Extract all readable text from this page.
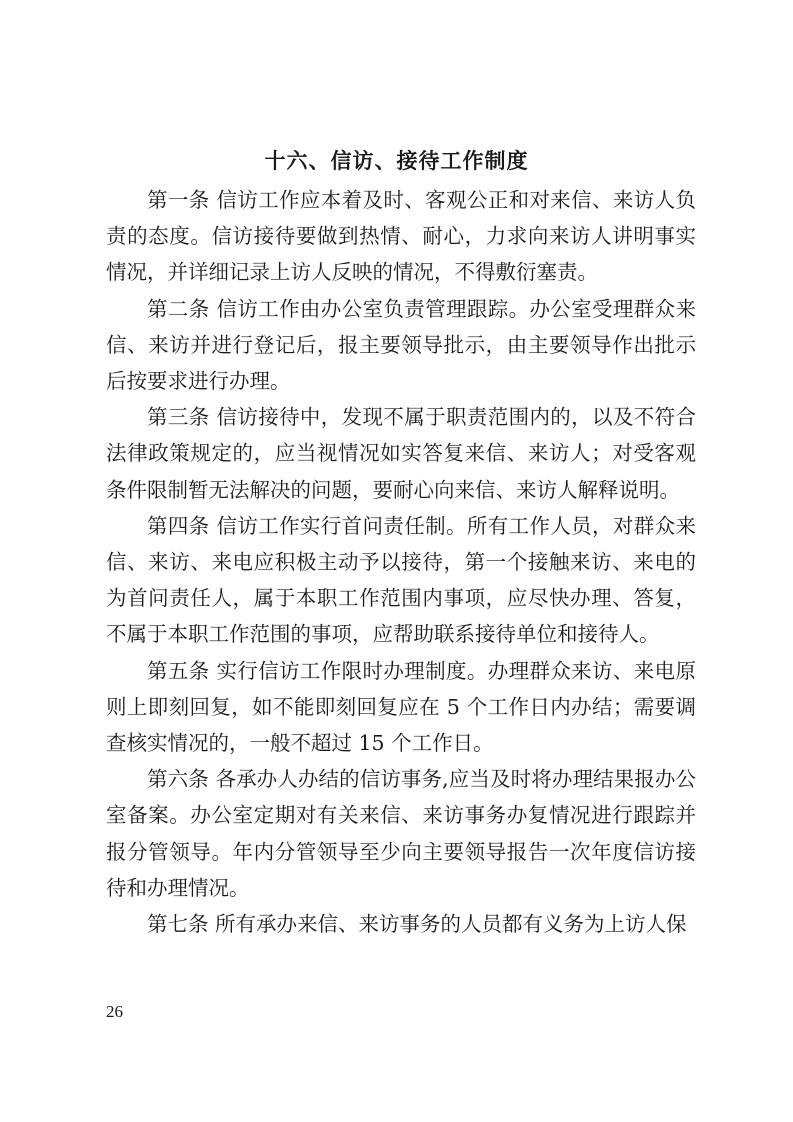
十六、信访、接待工作制度

第一条 信访工作应本着及时、客观公正和对来信、来访人负责的态度。信访接待要做到热情、耐心，力求向来访人讲明事实情况，并详细记录上访人反映的情况，不得敷衍塞责。

第二条 信访工作由办公室负责管理跟踪。办公室受理群众来信、来访并进行登记后，报主要领导批示，由主要领导作出批示后按要求进行办理。

第三条 信访接待中，发现不属于职责范围内的，以及不符合法律政策规定的，应当视情况如实答复来信、来访人；对受客观条件限制暂无法解决的问题，要耐心向来信、来访人解释说明。

第四条 信访工作实行首问责任制。所有工作人员，对群众来信、来访、来电应积极主动予以接待，第一个接触来访、来电的为首问责任人，属于本职工作范围内事项，应尽快办理、答复，不属于本职工作范围的事项，应帮助联系接待单位和接待人。

第五条 实行信访工作限时办理制度。办理群众来访、来电原则上即刻回复，如不能即刻回复应在 5 个工作日内办结；需要调查核实情况的，一般不超过 15 个工作日。

第六条 各承办人办结的信访事务,应当及时将办理结果报办公室备案。办公室定期对有关来信、来访事务办复情况进行跟踪并报分管领导。年内分管领导至少向主要领导报告一次年度信访接待和办理情况。

第七条 所有承办来信、来访事务的人员都有义务为上访人保

26
